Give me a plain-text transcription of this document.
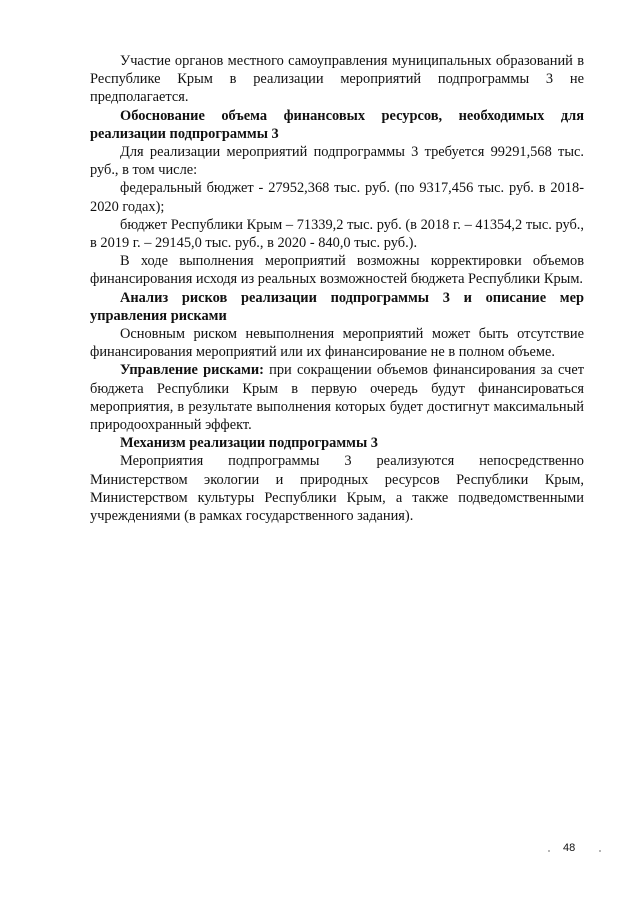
Участие органов местного самоуправления муниципальных образований в Республике Крым в реализации мероприятий подпрограммы 3 не предполагается.

Обоснование объема финансовых ресурсов, необходимых для реализации подпрограммы 3

Для реализации мероприятий подпрограммы 3 требуется 99291,568 тыс. руб., в том числе:

федеральный бюджет - 27952,368 тыс. руб. (по 9317,456 тыс. руб. в 2018-2020 годах);

бюджет Республики Крым – 71339,2 тыс. руб. (в 2018 г. – 41354,2 тыс. руб., в 2019 г. – 29145,0 тыс. руб., в 2020 - 840,0 тыс. руб.).

В ходе выполнения мероприятий возможны корректировки объемов финансирования исходя из реальных возможностей бюджета Республики Крым.

Анализ рисков реализации подпрограммы 3 и описание мер управления рисками

Основным риском невыполнения мероприятий может быть отсутствие финансирования мероприятий или их финансирование не в полном объеме.

Управление рисками: при сокращении объемов финансирования за счет бюджета Республики Крым в первую очередь будут финансироваться мероприятия, в результате выполнения которых будет достигнут максимальный природоохранный эффект.

Механизм реализации подпрограммы 3

Мероприятия подпрограммы 3 реализуются непосредственно Министерством экологии и природных ресурсов Республики Крым, Министерством культуры Республики Крым, а также подведомственными учреждениями (в рамках государственного задания).

48
